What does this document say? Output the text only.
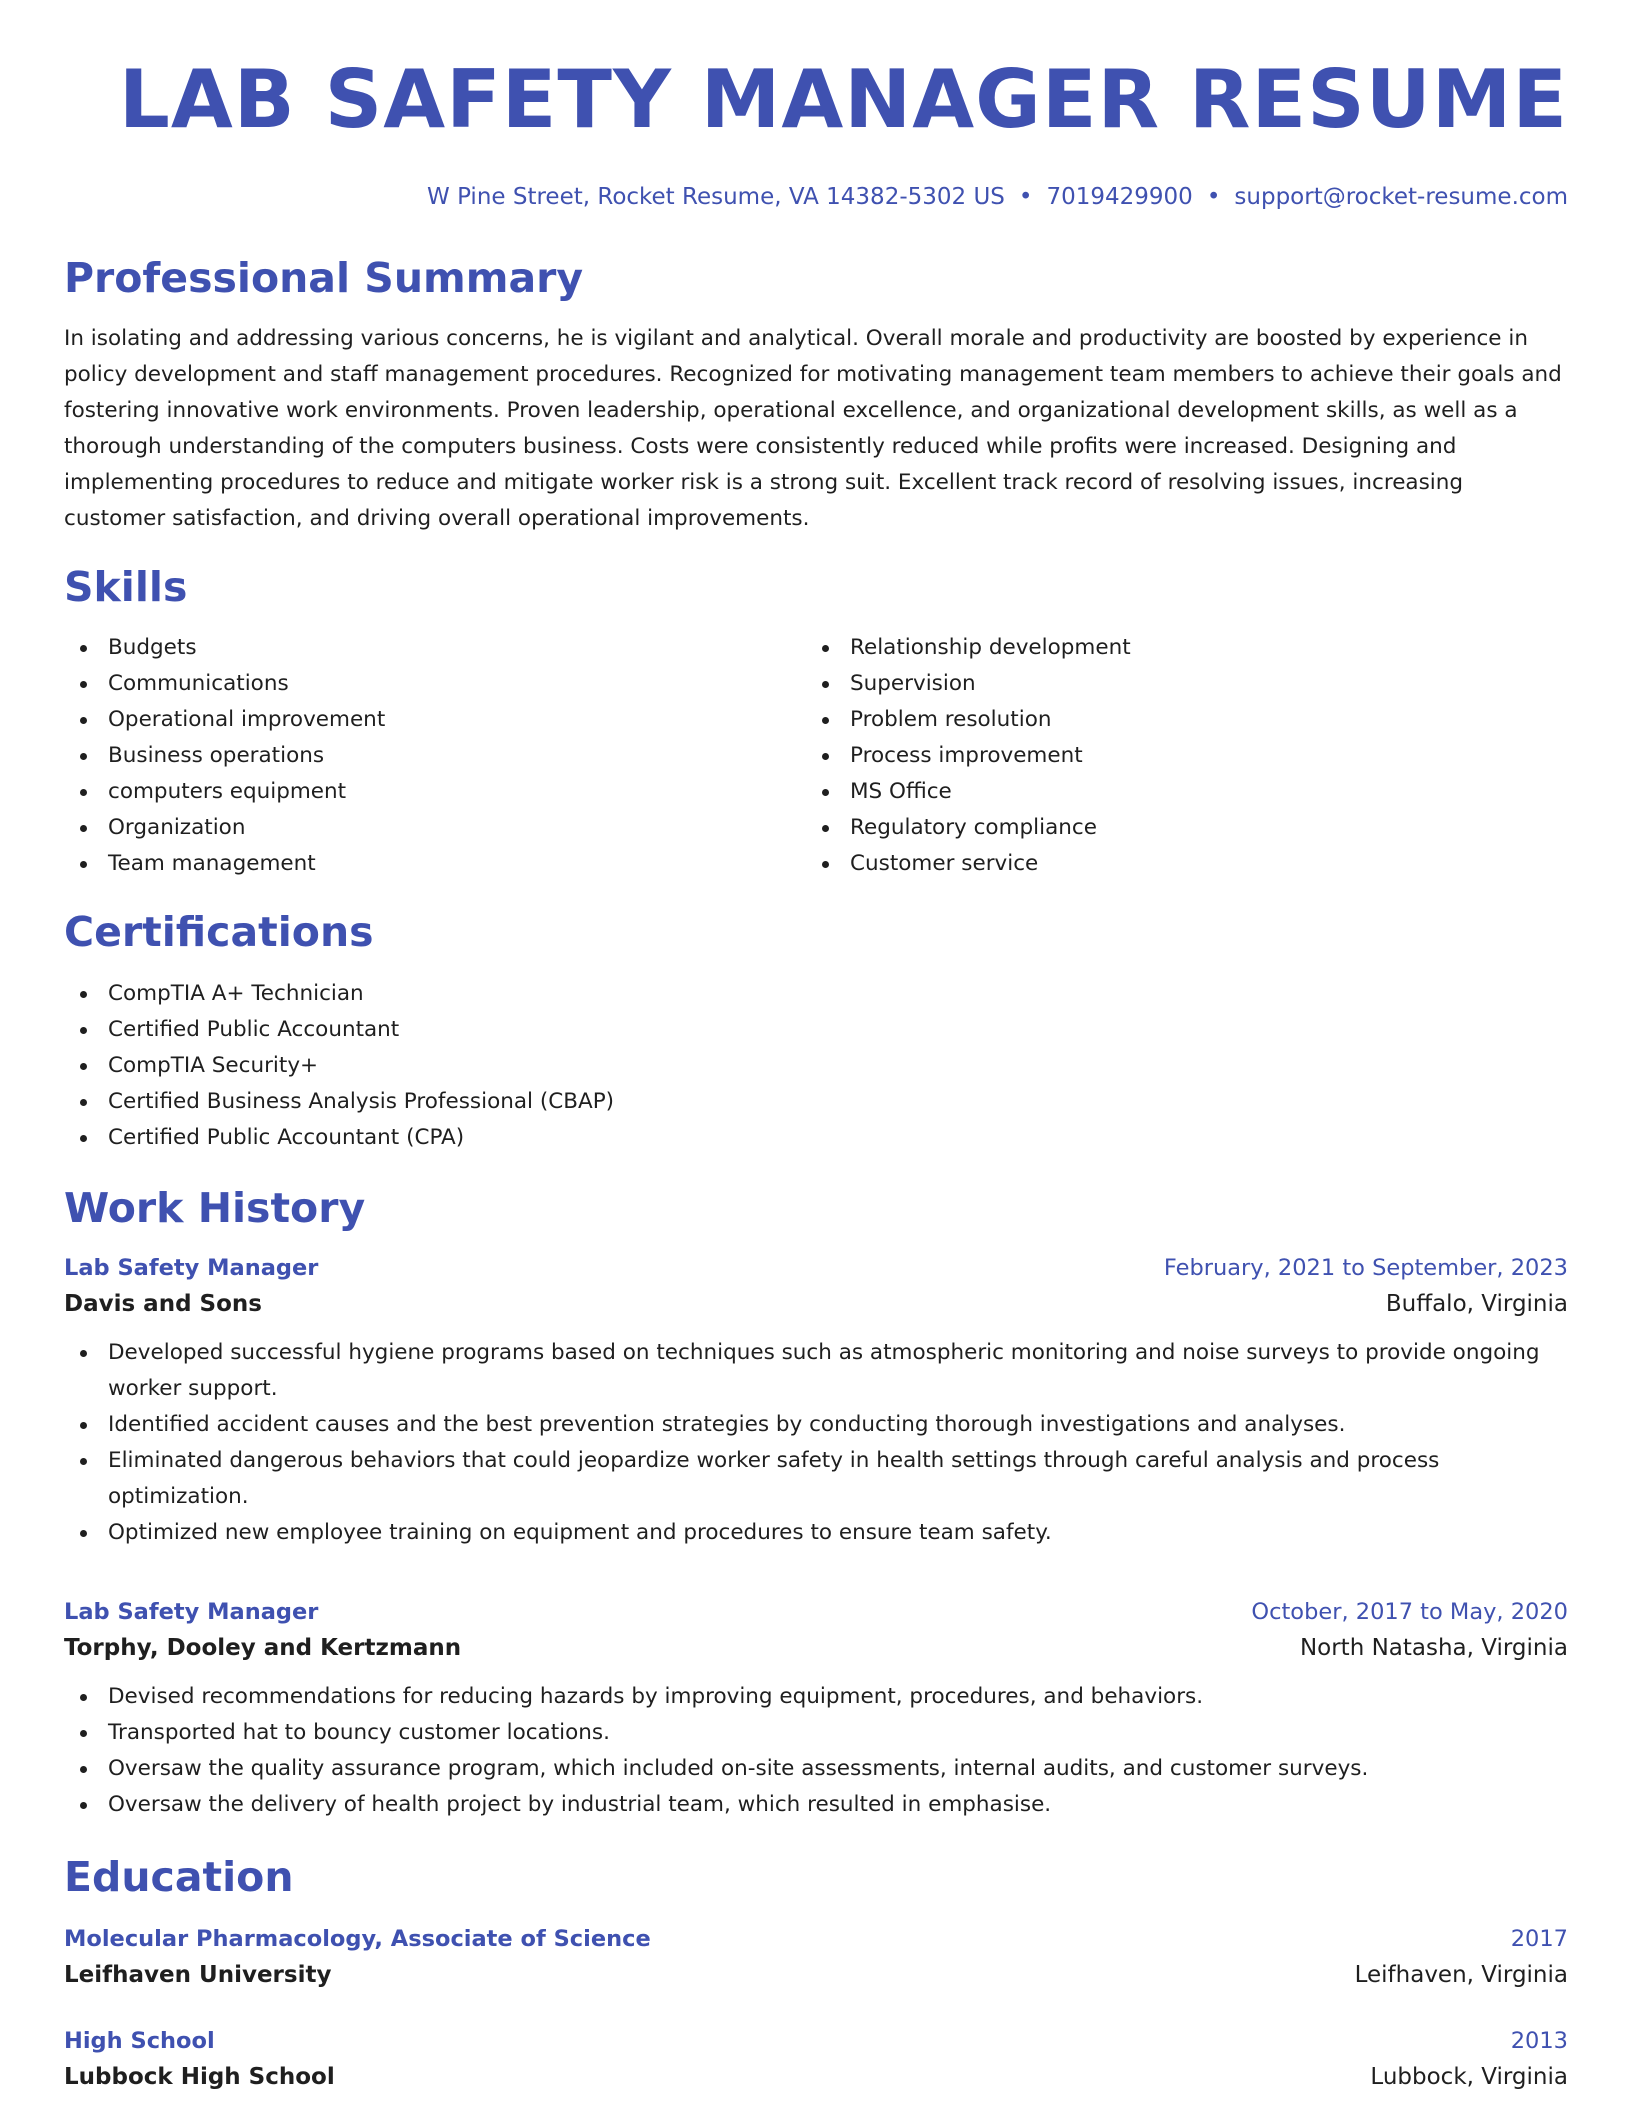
LAB SAFETY MANAGER RESUME
W Pine Street, Rocket Resume, VA 14382-5302 US • 7019429900 • support@rocket-resume.com
Professional Summary

In isolating and addressing various concerns, he is vigilant and analytical. Overall morale and productivity are boosted by experience in policy development and staff management procedures. Recognized for motivating management team members to achieve their goals and fostering innovative work environments. Proven leadership, operational excellence, and organizational development skills, as well as a thorough understanding of the computers business. Costs were consistently reduced while profits were increased. Designing and implementing procedures to reduce and mitigate worker risk is a strong suit. Excellent track record of resolving issues, increasing customer satisfaction, and driving overall operational improvements.

Skills
Budgets
Communications
Operational improvement
Business operations
computers equipment
Organization
Team management
Relationship development
Supervision
Problem resolution
Process improvement
MS Office
Regulatory compliance
Customer service
Certifications
CompTIA A+ Technician
Certified Public Accountant
CompTIA Security+
Certified Business Analysis Professional (CBAP)
Certified Public Accountant (CPA)
Work History
Lab Safety Manager	February, 2021 to September, 2023
Davis and Sons	Buffalo, Virginia
Developed successful hygiene programs based on techniques such as atmospheric monitoring and noise surveys to provide ongoing worker support.
Identified accident causes and the best prevention strategies by conducting thorough investigations and analyses.
Eliminated dangerous behaviors that could jeopardize worker safety in health settings through careful analysis and process optimization.
Optimized new employee training on equipment and procedures to ensure team safety.
Lab Safety Manager	October, 2017 to May, 2020
Torphy, Dooley and Kertzmann	North Natasha, Virginia
Devised recommendations for reducing hazards by improving equipment, procedures, and behaviors.
Transported hat to bouncy customer locations.
Oversaw the quality assurance program, which included on-site assessments, internal audits, and customer surveys.
Oversaw the delivery of health project by industrial team, which resulted in emphasise.
Education
Molecular Pharmacology, Associate of Science	2017
Leifhaven University	Leifhaven, Virginia
High School	2013
Lubbock High School	Lubbock, Virginia
